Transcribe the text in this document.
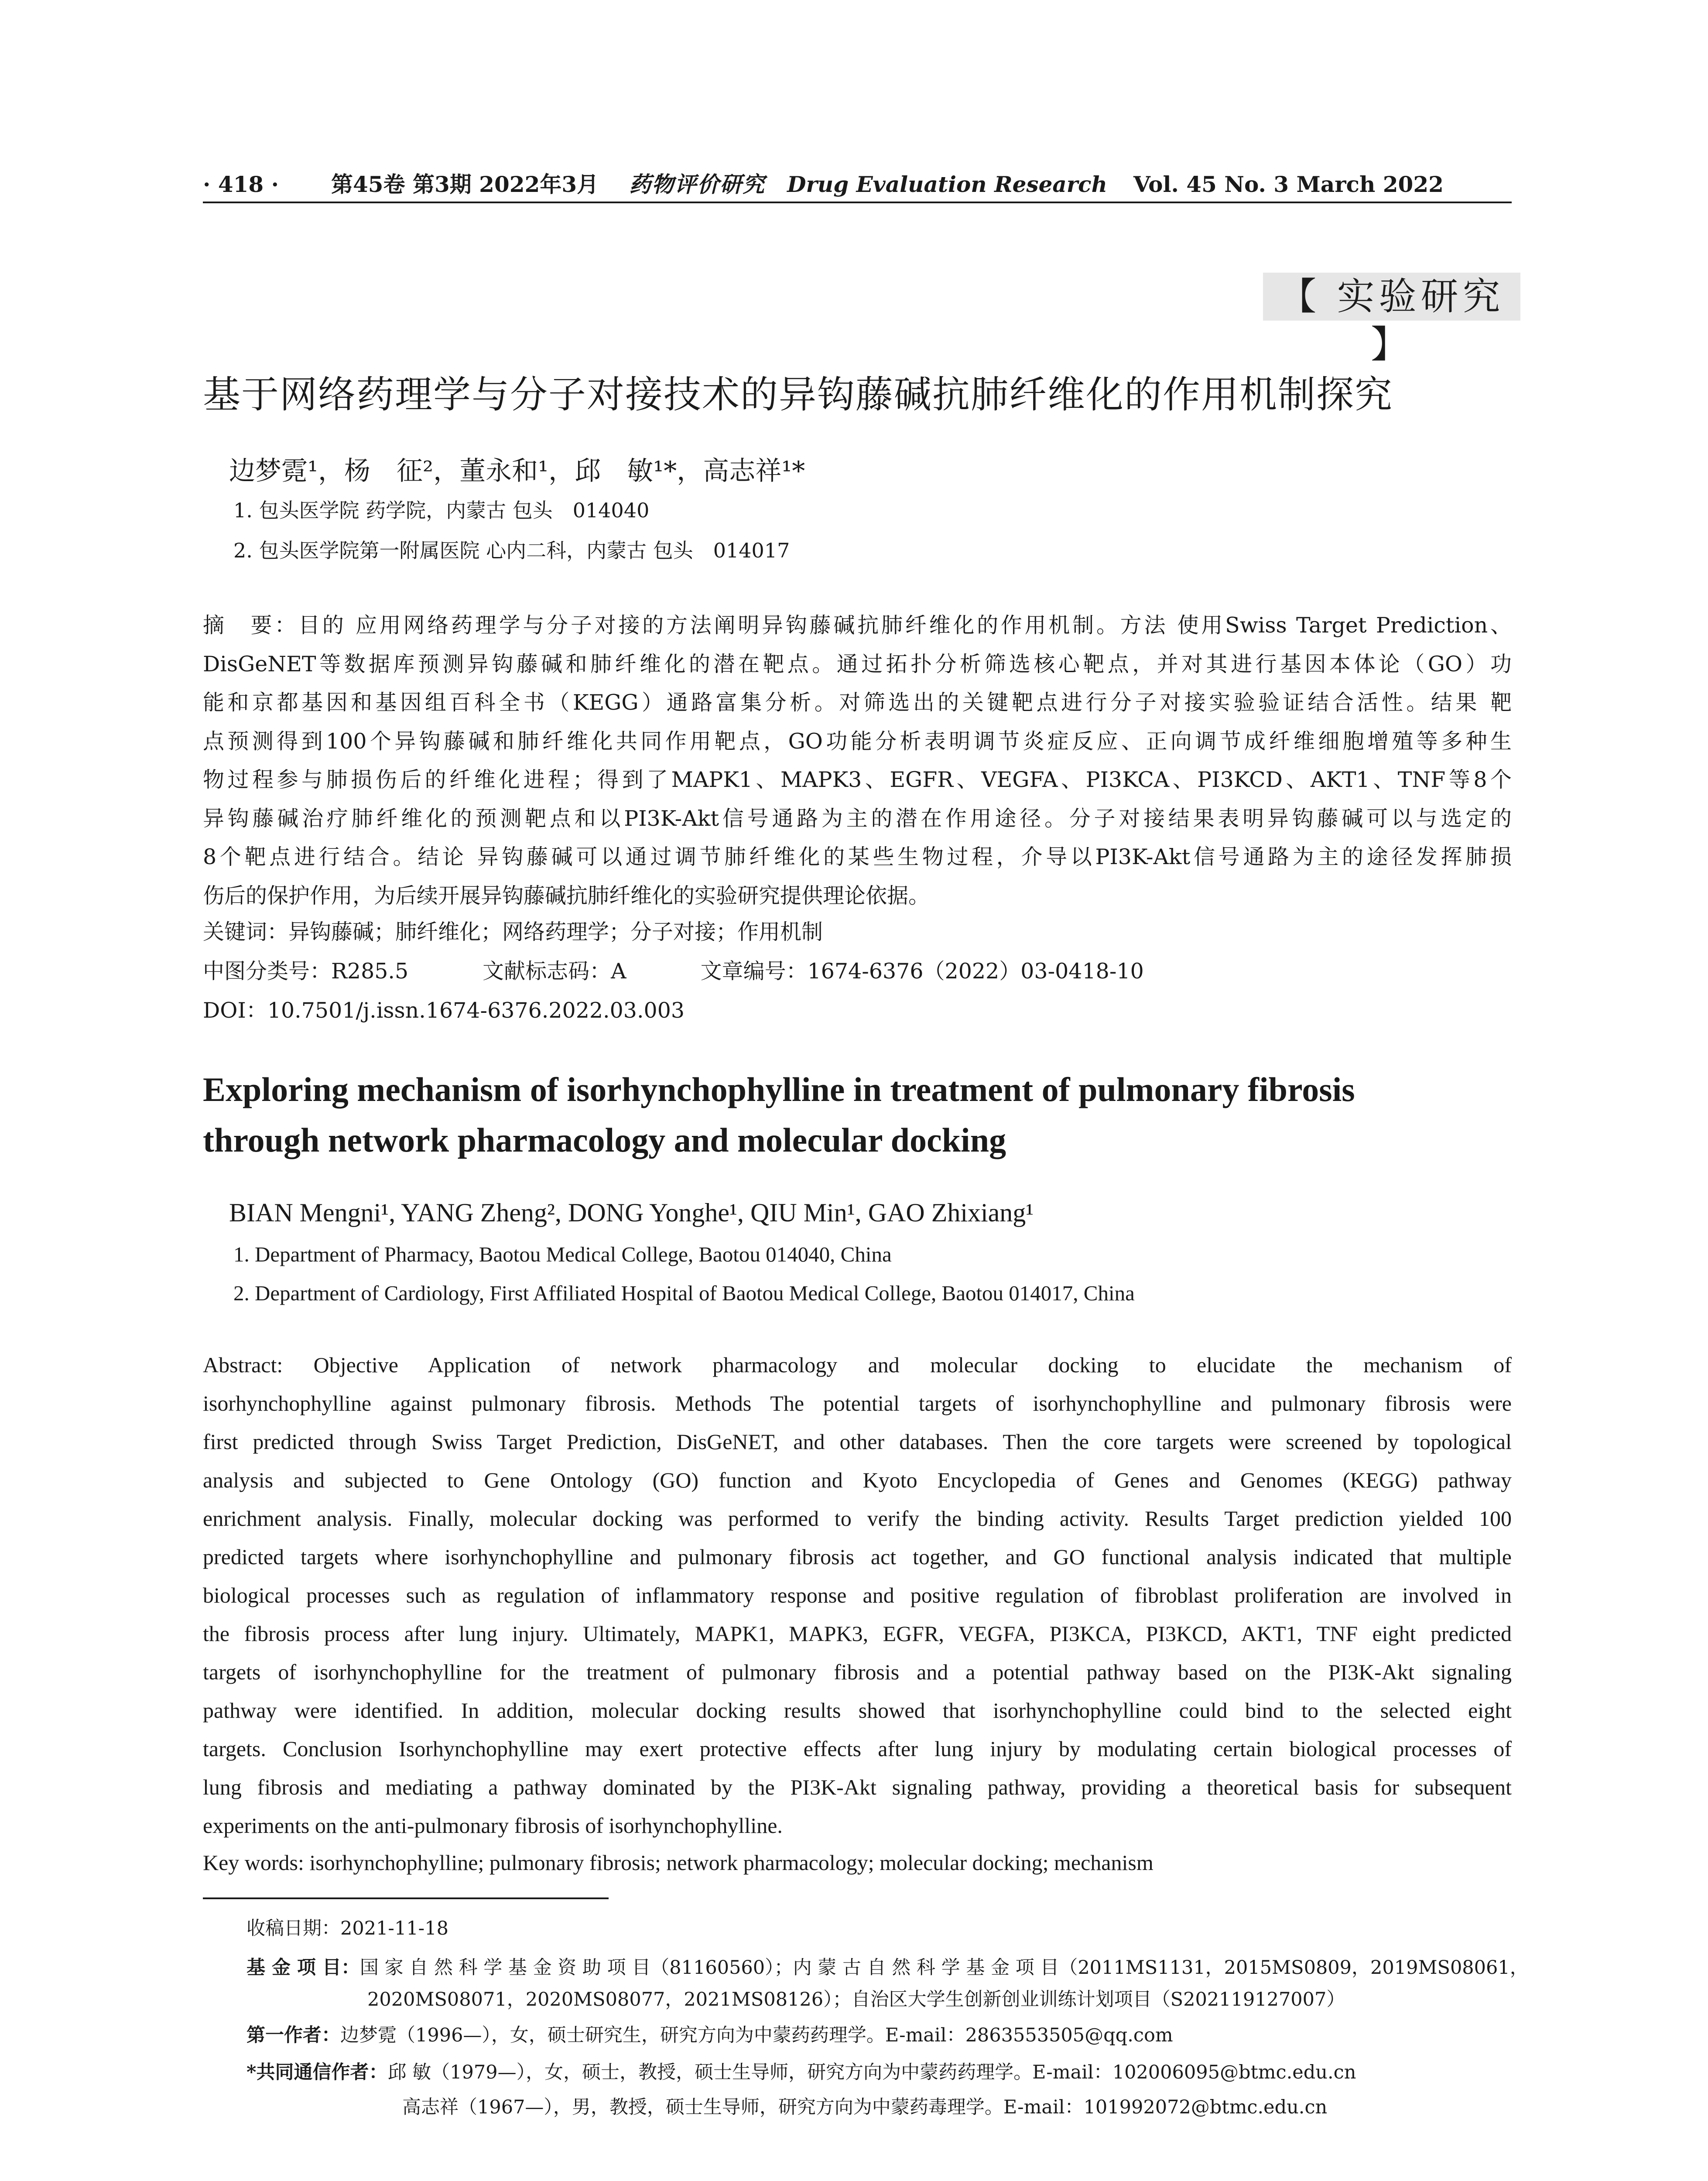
· 418 · 第45卷 第3期 2022年3月 药物评价研究 Drug Evaluation Research Vol. 45 No. 3 March 2022
【 实验研究 】
基于网络药理学与分子对接技术的异钩藤碱抗肺纤维化的作用机制探究
边梦霓¹，杨　征²，董永和¹，邱　敏¹*，高志祥¹*
1. 包头医学院 药学院，内蒙古 包头　014040
2. 包头医学院第一附属医院 心内二科，内蒙古 包头　014017
摘　要：目的 应用网络药理学与分子对接的方法阐明异钩藤碱抗肺纤维化的作用机制。方法 使用Swiss Target Prediction、
DisGeNET等数据库预测异钩藤碱和肺纤维化的潜在靶点。通过拓扑分析筛选核心靶点，并对其进行基因本体论（GO）功
能和京都基因和基因组百科全书（KEGG）通路富集分析。对筛选出的关键靶点进行分子对接实验验证结合活性。结果 靶
点预测得到100个异钩藤碱和肺纤维化共同作用靶点，GO功能分析表明调节炎症反应、正向调节成纤维细胞增殖等多种生
物过程参与肺损伤后的纤维化进程；得到了MAPK1、MAPK3、EGFR、VEGFA、PI3KCA、PI3KCD、AKT1、TNF等8个
异钩藤碱治疗肺纤维化的预测靶点和以PI3K-Akt信号通路为主的潜在作用途径。分子对接结果表明异钩藤碱可以与选定的
8个靶点进行结合。结论 异钩藤碱可以通过调节肺纤维化的某些生物过程，介导以PI3K-Akt信号通路为主的途径发挥肺损
伤后的保护作用，为后续开展异钩藤碱抗肺纤维化的实验研究提供理论依据。
关键词：异钩藤碱；肺纤维化；网络药理学；分子对接；作用机制
中图分类号：R285.5	文献标志码：A	文章编号：1674-6376（2022）03-0418-10
DOI：10.7501/j.issn.1674-6376.2022.03.003
Exploring mechanism of isorhynchophylline in treatment of pulmonary fibrosis
through network pharmacology and molecular docking
BIAN Mengni¹, YANG Zheng², DONG Yonghe¹, QIU Min¹, GAO Zhixiang¹
1. Department of Pharmacy, Baotou Medical College, Baotou 014040, China
2. Department of Cardiology, First Affiliated Hospital of Baotou Medical College, Baotou 014017, China
Abstract: Objective Application of network pharmacology and molecular docking to elucidate the mechanism of
isorhynchophylline against pulmonary fibrosis. Methods The potential targets of isorhynchophylline and pulmonary fibrosis were
first predicted through Swiss Target Prediction, DisGeNET, and other databases. Then the core targets were screened by topological
analysis and subjected to Gene Ontology (GO) function and Kyoto Encyclopedia of Genes and Genomes (KEGG) pathway
enrichment analysis. Finally, molecular docking was performed to verify the binding activity. Results Target prediction yielded 100
predicted targets where isorhynchophylline and pulmonary fibrosis act together, and GO functional analysis indicated that multiple
biological processes such as regulation of inflammatory response and positive regulation of fibroblast proliferation are involved in
the fibrosis process after lung injury. Ultimately, MAPK1, MAPK3, EGFR, VEGFA, PI3KCA, PI3KCD, AKT1, TNF eight predicted
targets of isorhynchophylline for the treatment of pulmonary fibrosis and a potential pathway based on the PI3K-Akt signaling
pathway were identified. In addition, molecular docking results showed that isorhynchophylline could bind to the selected eight
targets. Conclusion Isorhynchophylline may exert protective effects after lung injury by modulating certain biological processes of
lung fibrosis and mediating a pathway dominated by the PI3K-Akt signaling pathway, providing a theoretical basis for subsequent
experiments on the anti-pulmonary fibrosis of isorhynchophylline.
Key words: isorhynchophylline; pulmonary fibrosis; network pharmacology; molecular docking; mechanism
收稿日期：2021-11-18
基 金 项 目：国 家 自 然 科 学 基 金 资 助 项 目（81160560）；内 蒙 古 自 然 科 学 基 金 项 目（2011MS1131，2015MS0809，2019MS08061，
2020MS08071，2020MS08077，2021MS08126）；自治区大学生创新创业训练计划项目（S202119127007）
第一作者：边梦霓（1996—），女，硕士研究生，研究方向为中蒙药药理学。E-mail：2863553505@qq.com
*共同通信作者：邱 敏（1979—），女，硕士，教授，硕士生导师，研究方向为中蒙药药理学。E-mail：102006095@btmc.edu.cn
高志祥（1967—），男，教授，硕士生导师，研究方向为中蒙药毒理学。E-mail：101992072@btmc.edu.cn
